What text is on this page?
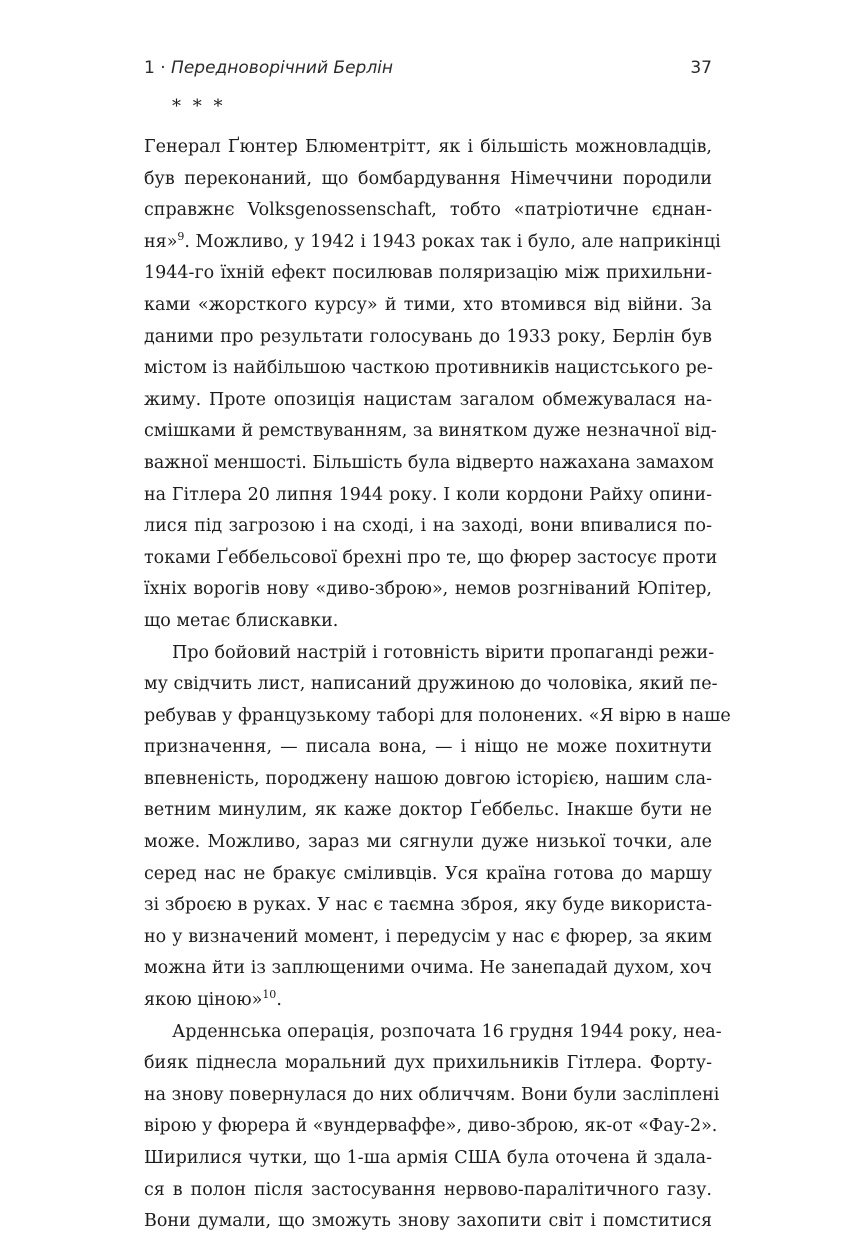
1 · Передноворічний Берлін	37
* * *
Генерал Ґюнтер Блюментрітт, як і більшість можновладців,
був переконаний, що бомбардування Німеччини породили
справжнє Volksgenossenschaft, тобто «патріотичне єднан-
ня»$^9$. Можливо, у 1942 і 1943 роках так і було, але наприкінці
1944-го їхній ефект посилював поляризацію між прихильни-
ками «жорсткого курсу» й тими, хто втомився від війни. За
даними про результати голосувань до 1933 року, Берлін був
містом із найбільшою часткою противників нацистського ре-
жиму. Проте опозиція нацистам загалом обмежувалася на-
смішками й ремствуванням, за винятком дуже незначної від-
важної меншості. Більшість була відверто нажахана замахом
на Гітлера 20 липня 1944 року. І коли кордони Райху опини-
лися під загрозою і на сході, і на заході, вони впивалися по-
токами Ґеббельсової брехні про те, що фюрер застосує проти
їхніх ворогів нову «диво-зброю», немов розгніваний Юпітер,
що метає блискавки.
Про бойовий настрій і готовність вірити пропаганді режи-
му свідчить лист, написаний дружиною до чоловіка, який пе-
ребував у французькому таборі для полонених. «Я вірю в наше
призначення, — писала вона, — і ніщо не може похитнути
впевненість, породжену нашою довгою історією, нашим сла-
ветним минулим, як каже доктор Ґеббельс. Інакше бути не
може. Можливо, зараз ми сягнули дуже низької точки, але
серед нас не бракує сміливців. Уся країна готова до маршу
зі зброєю в руках. У нас є таємна зброя, яку буде використа-
но у визначений момент, і передусім у нас є фюрер, за яким
можна йти із заплющеними очима. Не занепадай духом, хоч
якою ціною»$^{10}$.
Арденнська операція, розпочата 16 грудня 1944 року, неа-
бияк піднесла моральний дух прихильників Гітлера. Форту-
на знову повернулася до них обличчям. Вони були засліплені
вірою у фюрера й «вундерваффе», диво-зброю, як-от «Фау-2».
Ширилися чутки, що 1-ша армія США була оточена й здала-
ся в полон після застосування нервово-паралітичного газу.
Вони думали, що зможуть знову захопити світ і помститися
